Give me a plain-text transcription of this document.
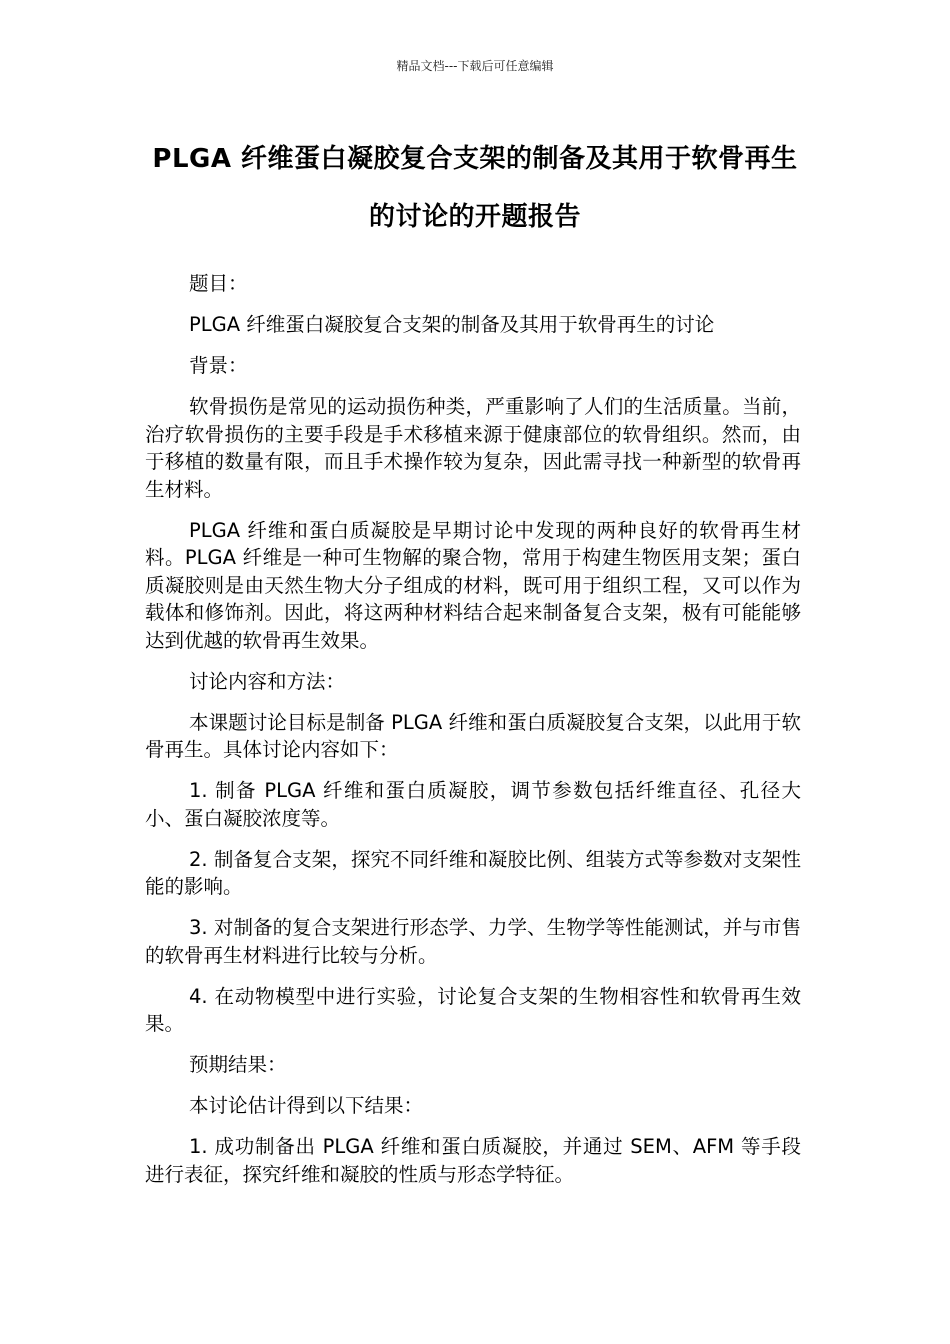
精品文档---下载后可任意编辑
PLGA 纤维蛋白凝胶复合支架的制备及其用于软骨再生的讨论的开题报告

题目：

PLGA 纤维蛋白凝胶复合支架的制备及其用于软骨再生的讨论

背景：

软骨损伤是常见的运动损伤种类，严重影响了人们的生活质量。当前，治疗软骨损伤的主要手段是手术移植来源于健康部位的软骨组织。然而，由于移植的数量有限，而且手术操作较为复杂，因此需寻找一种新型的软骨再生材料。

PLGA 纤维和蛋白质凝胶是早期讨论中发现的两种良好的软骨再生材料。PLGA 纤维是一种可生物解的聚合物，常用于构建生物医用支架；蛋白质凝胶则是由天然生物大分子组成的材料，既可用于组织工程，又可以作为载体和修饰剂。因此，将这两种材料结合起来制备复合支架，极有可能能够达到优越的软骨再生效果。

讨论内容和方法：

本课题讨论目标是制备 PLGA 纤维和蛋白质凝胶复合支架，以此用于软骨再生。具体讨论内容如下：

1. 制备 PLGA 纤维和蛋白质凝胶，调节参数包括纤维直径、孔径大小、蛋白凝胶浓度等。

2. 制备复合支架，探究不同纤维和凝胶比例、组装方式等参数对支架性能的影响。

3. 对制备的复合支架进行形态学、力学、生物学等性能测试，并与市售的软骨再生材料进行比较与分析。

4. 在动物模型中进行实验，讨论复合支架的生物相容性和软骨再生效果。

预期结果：

本讨论估计得到以下结果：

1. 成功制备出 PLGA 纤维和蛋白质凝胶，并通过 SEM、AFM 等手段进行表征，探究纤维和凝胶的性质与形态学特征。
